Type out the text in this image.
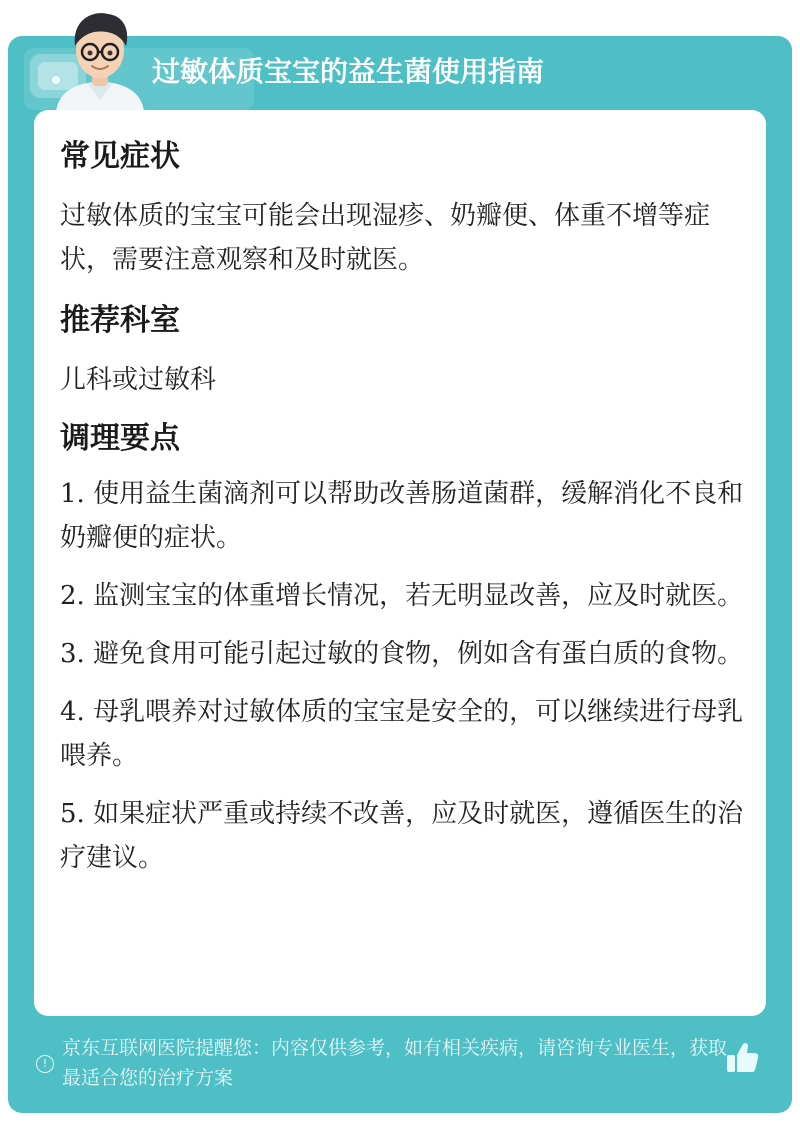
过敏体质宝宝的益生菌使用指南
常见症状

过敏体质的宝宝可能会出现湿疹、奶瓣便、体重不增等症状，需要注意观察和及时就医。

推荐科室

儿科或过敏科

调理要点
1. 使用益生菌滴剂可以帮助改善肠道菌群，缓解消化不良和奶瓣便的症状。
2. 监测宝宝的体重增长情况，若无明显改善，应及时就医。
3. 避免食用可能引起过敏的食物，例如含有蛋白质的食物。
4. 母乳喂养对过敏体质的宝宝是安全的，可以继续进行母乳喂养。
5. 如果症状严重或持续不改善，应及时就医，遵循医生的治疗建议。
!
京东互联网医院提醒您：内容仅供参考，如有相关疾病，请咨询专业医生，获取最适合您的治疗方案
